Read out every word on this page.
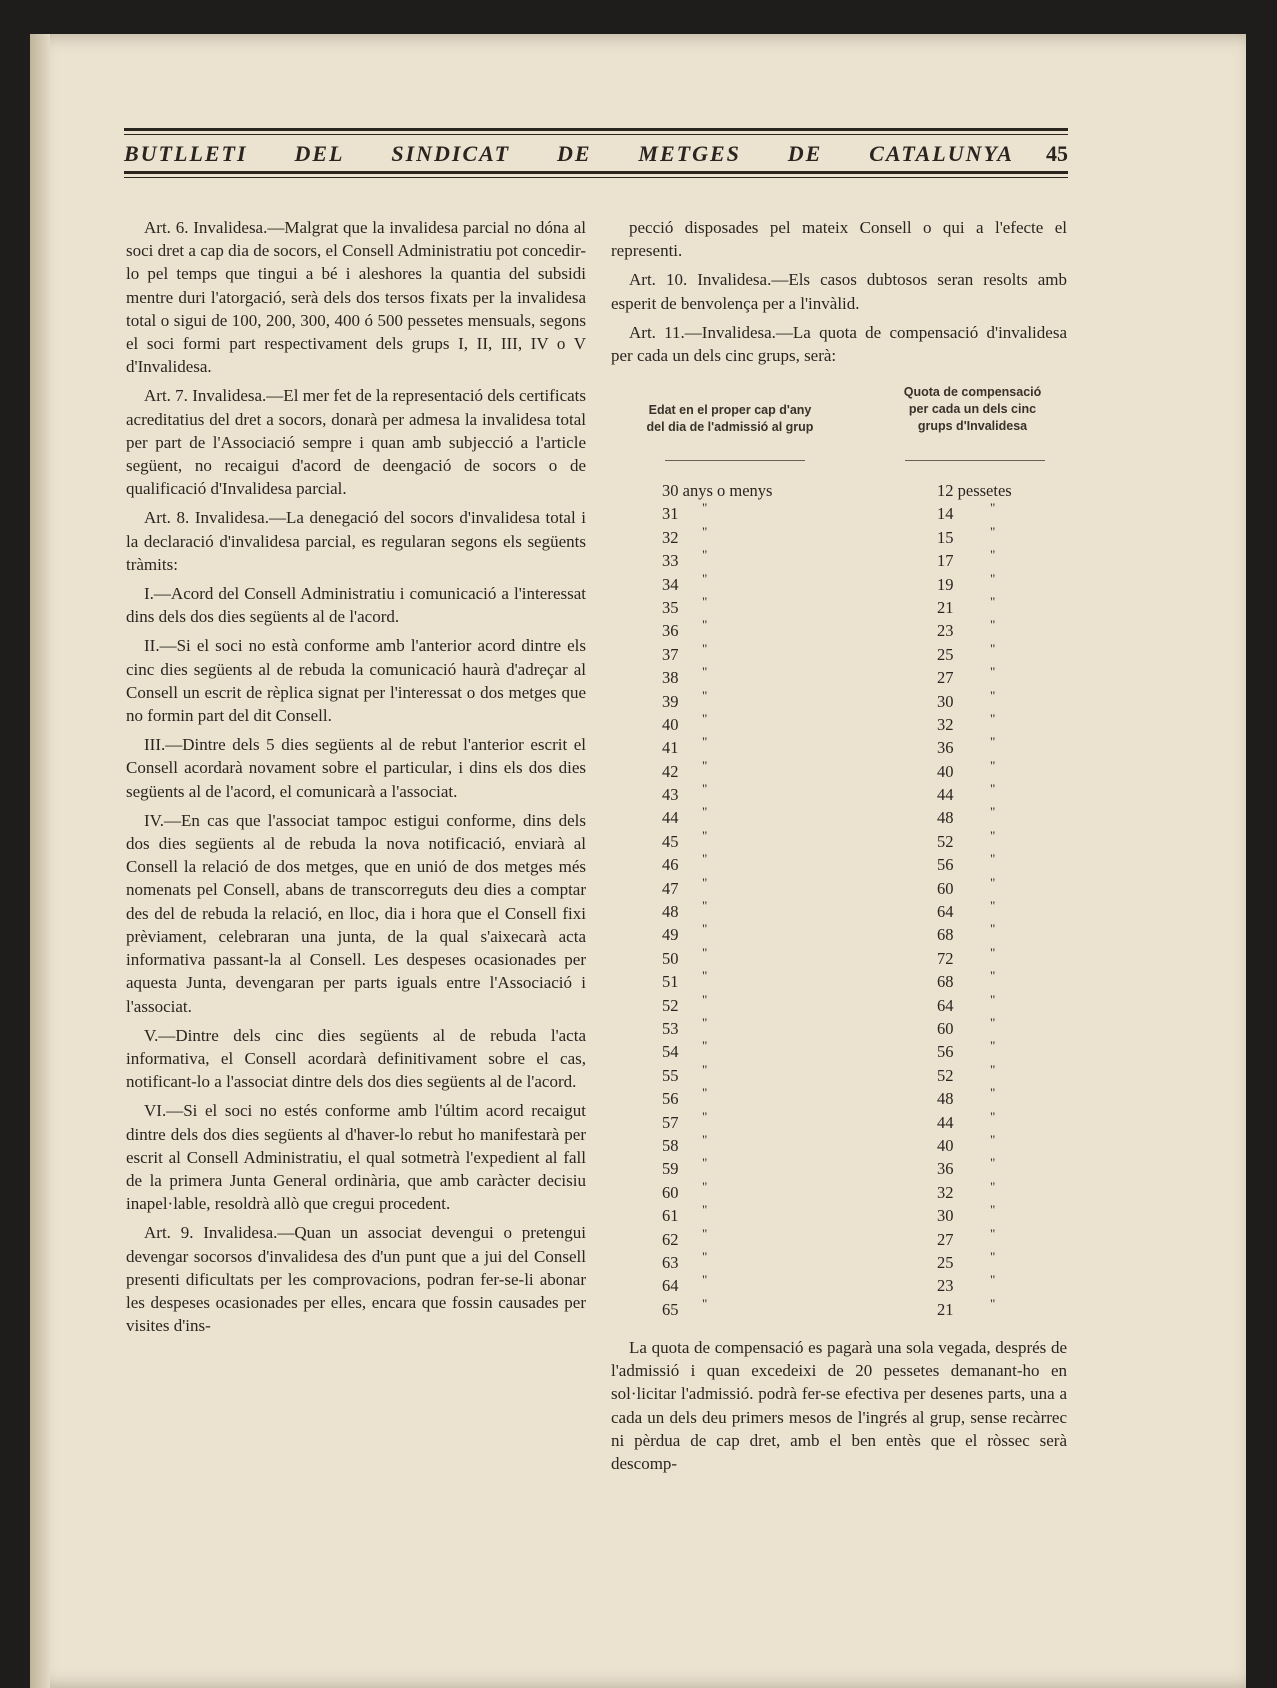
BUTLLETI DEL SINDICAT DE METGES DE CATALUNYA 45

Art. 6. Invalidesa.—Malgrat que la invalidesa parcial no dóna al soci dret a cap dia de socors, el Consell Administratiu pot concedir-lo pel temps que tingui a bé i aleshores la quantia del subsidi mentre duri l'atorgació, serà dels dos tersos fixats per la invalidesa total o sigui de 100, 200, 300, 400 ó 500 pessetes mensuals, segons el soci formi part respectivament dels grups I, II, III, IV o V d'Invalidesa.

Art. 7. Invalidesa.—El mer fet de la representació dels certificats acreditatius del dret a socors, donarà per admesa la invalidesa total per part de l'Associació sempre i quan amb subjecció a l'article següent, no recaigui d'acord de deengació de socors o de qualificació d'Invalidesa parcial.

Art. 8. Invalidesa.—La denegació del socors d'invalidesa total i la declaració d'invalidesa parcial, es regularan segons els següents tràmits:

I.—Acord del Consell Administratiu i comunicació a l'interessat dins dels dos dies següents al de l'acord.

II.—Si el soci no està conforme amb l'anterior acord dintre els cinc dies següents al de rebuda la comunicació haurà d'adreçar al Consell un escrit de rèplica signat per l'interessat o dos metges que no formin part del dit Consell.

III.—Dintre dels 5 dies següents al de rebut l'anterior escrit el Consell acordarà novament sobre el particular, i dins els dos dies següents al de l'acord, el comunicarà a l'associat.

IV.—En cas que l'associat tampoc estigui conforme, dins dels dos dies següents al de rebuda la nova notificació, enviarà al Consell la relació de dos metges, que en unió de dos metges més nomenats pel Consell, abans de transcorreguts deu dies a comptar des del de rebuda la relació, en lloc, dia i hora que el Consell fixi prèviament, celebraran una junta, de la qual s'aixecarà acta informativa passant-la al Consell. Les despeses ocasionades per aquesta Junta, devengaran per parts iguals entre l'Associació i l'associat.

V.—Dintre dels cinc dies següents al de rebuda l'acta informativa, el Consell acordarà definitivament sobre el cas, notificant-lo a l'associat dintre dels dos dies següents al de l'acord.

VI.—Si el soci no estés conforme amb l'últim acord recaigut dintre dels dos dies següents al d'haver-lo rebut ho manifestarà per escrit al Consell Administratiu, el qual sotmetrà l'expedient al fall de la primera Junta General ordinària, que amb caràcter decisiu inapel·lable, resoldrà allò que cregui procedent.

Art. 9. Invalidesa.—Quan un associat devengui o pretengui devengar socorsos d'invalidesa des d'un punt que a jui del Consell presenti dificultats per les comprovacions, podran fer-se-li abonar les despeses ocasionades per elles, encara que fossin causades per visites d'ins-

pecció disposades pel mateix Consell o qui a l'efecte el representi.

Art. 10. Invalidesa.—Els casos dubtosos seran resolts amb esperit de benvolença per a l'invàlid.

Art. 11.—Invalidesa.—La quota de compensació d'invalidesa per cada un dels cinc grups, serà:

Edat en el proper cap d'any del dia de l'admissió al grup
Quota de compensació per cada un dels cinc grups d'Invalidesa
30 anys o menys	12 pessetes
31 "	14	"
32 "	15	"
33 "	17	"
34 "	19	"
35 "	21	"
36 "	23	"
37 "	25	"
38 "	27	"
39 "	30	"
40 "	32	"
41 "	36	"
42 "	40	"
43 "	44	"
44 "	48	"
45 "	52	"
46 "	56	"
47 "	60	"
48 "	64	"
49 "	68	"
50 "	72	"
51 "	68	"
52 "	64	"
53 "	60	"
54 "	56	"
55 "	52	"
56 "	48	"
57 "	44	"
58 "	40	"
59 "	36	"
60 "	32	"
61 "	30	"
62 "	27	"
63 "	25	"
64 "	23	"
65 "	21	"

La quota de compensació es pagarà una sola vegada, després de l'admissió i quan excedeixi de 20 pessetes demanant-ho en sol·licitar l'admissió. podrà fer-se efectiva per desenes parts, una a cada un dels deu primers mesos de l'ingrés al grup, sense recàrrec ni pèrdua de cap dret, amb el ben entès que el ròssec serà descomp-
